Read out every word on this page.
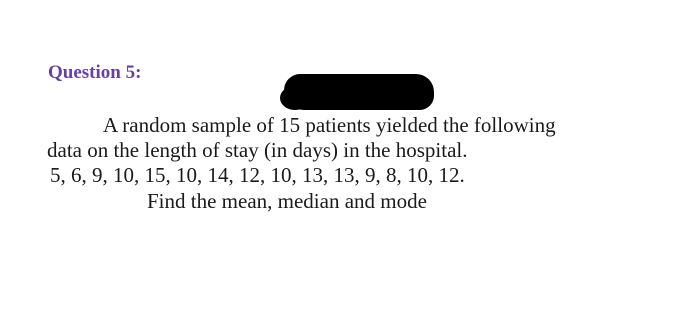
Question 5:
A random sample of 15 patients yielded the following
data on the length of stay (in days) in the hospital.
5, 6, 9, 10, 15, 10, 14, 12, 10, 13, 13, 9, 8, 10, 12.
Find the mean, median and mode
